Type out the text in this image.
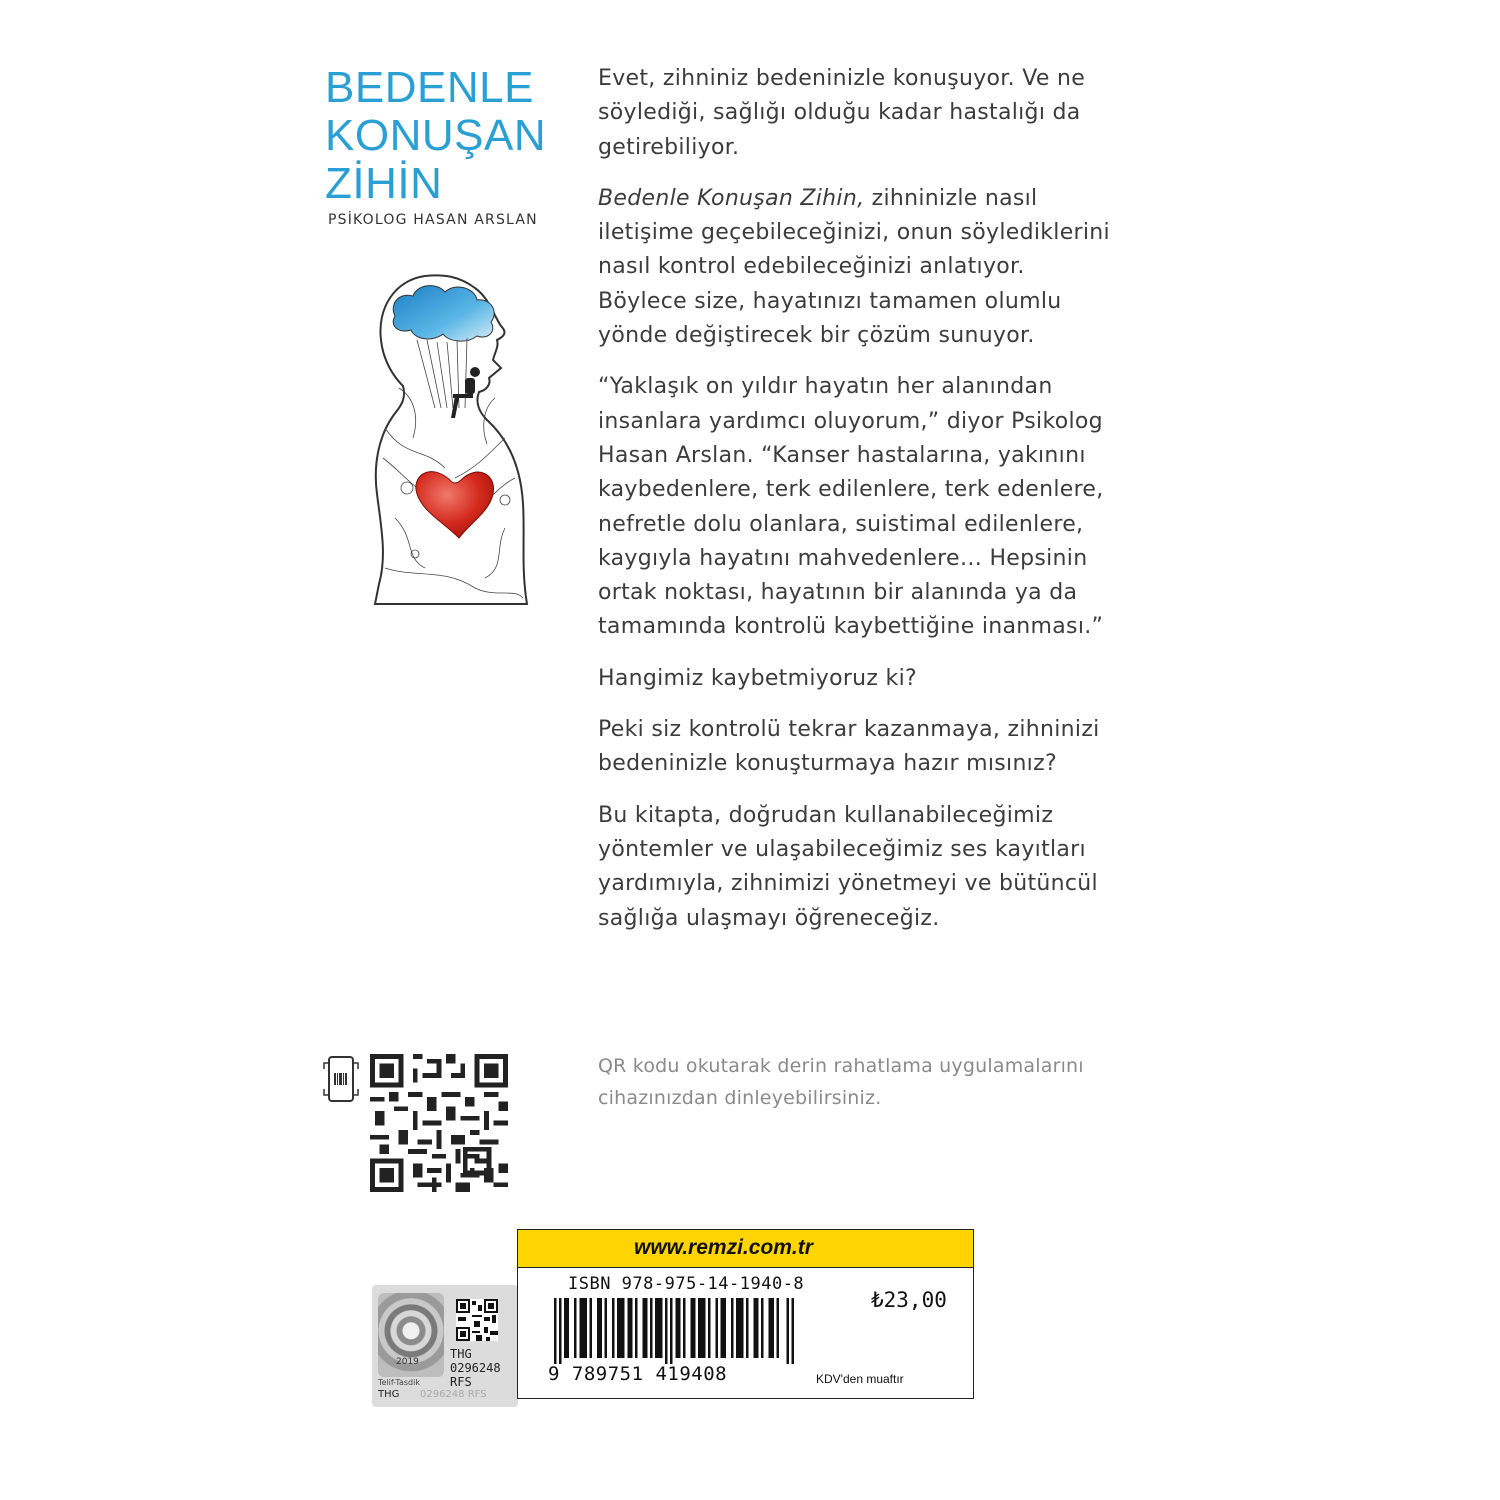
BEDENLE
KONUŞAN
ZİHİN
PSİKOLOG HASAN ARSLAN

Evet, zihniniz bedeninizle konuşuyor. Ve ne
söylediği, sağlığı olduğu kadar hastalığı da
getirebiliyor.

Bedenle Konuşan Zihin, zihninizle nasıl
iletişime geçebileceğinizi, onun söylediklerini
nasıl kontrol edebileceğinizi anlatıyor.
Böylece size, hayatınızı tamamen olumlu
yönde değiştirecek bir çözüm sunuyor.

“Yaklaşık on yıldır hayatın her alanından
insanlara yardımcı oluyorum,” diyor Psikolog
Hasan Arslan. “Kanser hastalarına, yakınını
kaybedenlere, terk edilenlere, terk edenlere,
nefretle dolu olanlara, suistimal edilenlere,
kaygıyla hayatını mahvedenlere… Hepsinin
ortak noktası, hayatının bir alanında ya da
tamamında kontrolü kaybettiğine inanması.”

Hangimiz kaybetmiyoruz ki?

Peki siz kontrolü tekrar kazanmaya, zihninizi
bedeninizle konuşturmaya hazır mısınız?

Bu kitapta, doğrudan kullanabileceğimiz
yöntemler ve ulaşabileceğimiz ses kayıtları
yardımıyla, zihnimizi yönetmeyi ve bütüncül
sağlığa ulaşmayı öğreneceğiz.

QR kodu okutarak derin rahatlama uygulamalarını
cihazınızdan dinleyebilirsiniz.
2019
Telif-Tasdik
THG
0296248
RFS
THG 0296248 RFS
www.remzi.com.tr
ISBN 978-975-14-1940-8
₺23,00
9 789751 419408	KDV'den muaftır
